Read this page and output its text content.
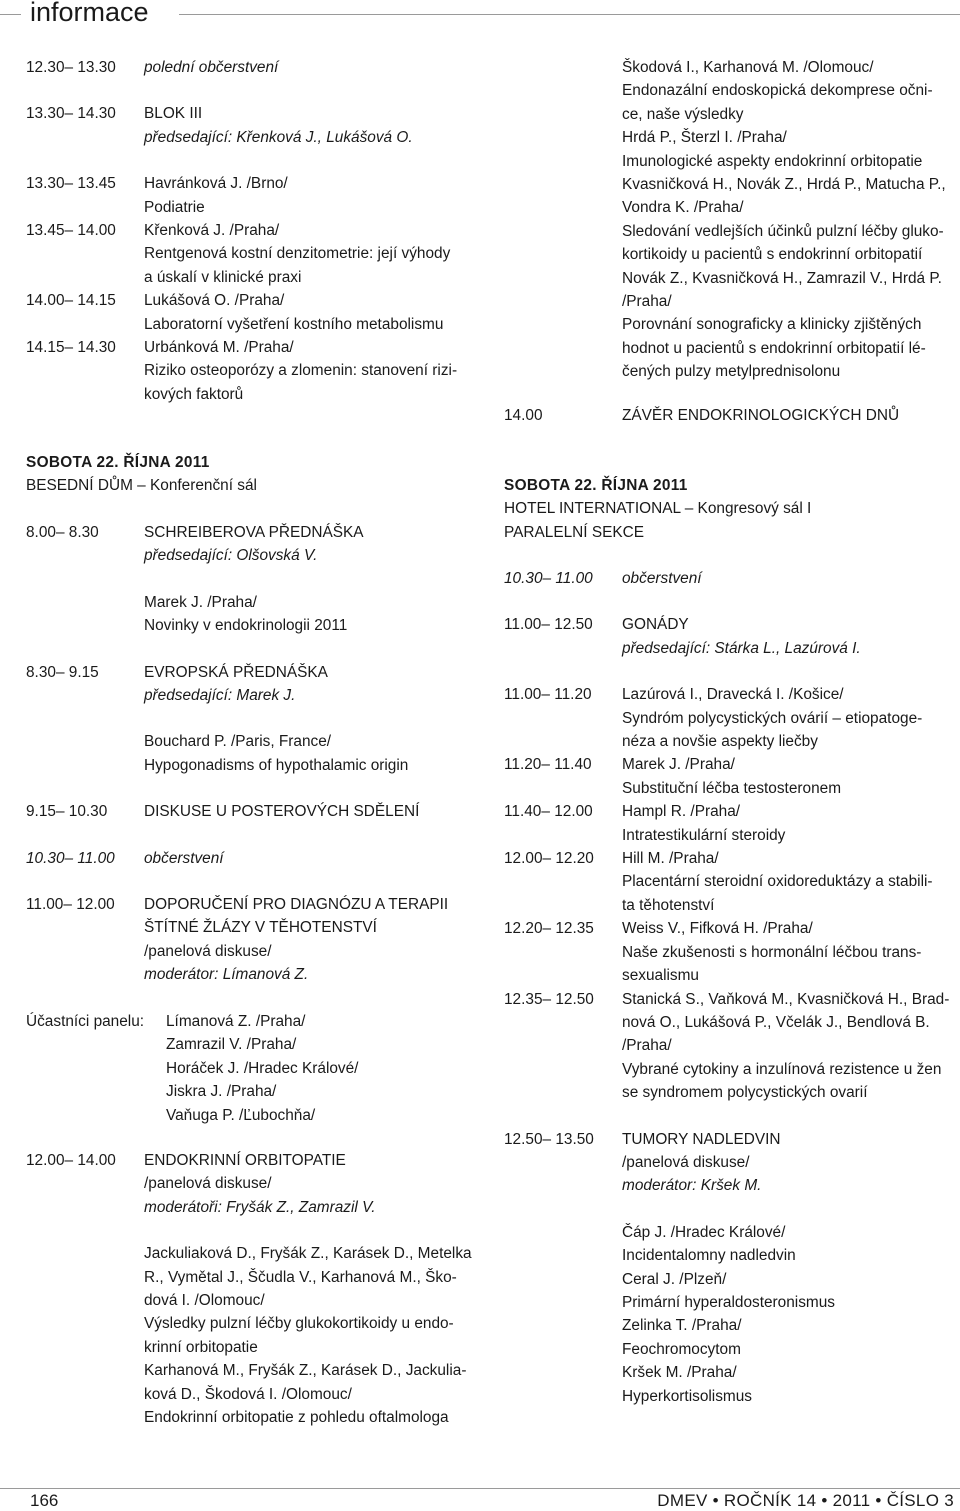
informace
12.30– 13.30	polední občerstvení
13.30– 14.30	BLOK III
předsedající: Křenková J., Lukášová O.
13.30– 13.45	Havránková J. /Brno/
Podiatrie
13.45– 14.00	Křenková J. /Praha/
Rentgenová kostní denzitometrie: její výhody
a úskalí v klinické praxi
14.00– 14.15	Lukášová O. /Praha/
Laboratorní vyšetření kostního metabolismu
14.15– 14.30	Urbánková M. /Praha/
Riziko osteoporózy a zlomenin: stanovení rizi-
kových faktorů
Škodová I., Karhanová M. /Olomouc/
Endonazální endoskopická dekomprese očni-
ce, naše výsledky
Hrdá P., Šterzl I. /Praha/
Imunologické aspekty endokrinní orbitopatie
Kvasničková H., Novák Z., Hrdá P., Matucha P.,
Vondra K. /Praha/
Sledování vedlejších účinků pulzní léčby gluko-
kortikoidy u pacientů s endokrinní orbitopatií
Novák Z., Kvasničková H., Zamrazil V., Hrdá P.
/Praha/
Porovnání sonograficky a klinicky zjištěných
hodnot u pacientů s endokrinní orbitopatií lé-
čených pulzy metylprednisolonu
14.00	ZÁVĚR ENDOKRINOLOGICKÝCH DNŮ
SOBOTA 22. ŘÍJNA 2011
BESEDNÍ DŮM – Konferenční sál
8.00– 8.30	SCHREIBEROVA PŘEDNÁŠKA
předsedající: Olšovská V.
Marek J. /Praha/
Novinky v endokrinologii 2011
8.30– 9.15	EVROPSKÁ PŘEDNÁŠKA
předsedající: Marek J.
Bouchard P. /Paris, France/
Hypogonadisms of hypothalamic origin
9.15– 10.30	DISKUSE U POSTEROVÝCH SDĚLENÍ
10.30– 11.00	občerstvení
11.00– 12.00	DOPORUČENÍ PRO DIAGNÓZU A TERAPII
ŠTÍTNÉ ŽLÁZY V TĚHOTENSTVÍ
/panelová diskuse/
moderátor: Límanová Z.
Účastníci panelu:	Límanová Z. /Praha/
Zamrazil V. /Praha/
Horáček J. /Hradec Králové/
Jiskra J. /Praha/
Vaňuga P. /Ľubochňa/
12.00– 14.00	ENDOKRINNÍ ORBITOPATIE
/panelová diskuse/
moderátoři: Fryšák Z., Zamrazil V.
Jackuliaková D., Fryšák Z., Karásek D., Metelka
R., Vymětal J., Ščudla V., Karhanová M., Ško-
dová I. /Olomouc/
Výsledky pulzní léčby glukokortikoidy u endo-
krinní orbitopatie
Karhanová M., Fryšák Z., Karásek D., Jackulia-
ková D., Škodová I. /Olomouc/
Endokrinní orbitopatie z pohledu oftalmologa
SOBOTA 22. ŘÍJNA 2011
HOTEL INTERNATIONAL – Kongresový sál I
PARALELNÍ SEKCE
10.30– 11.00	občerstvení
11.00– 12.50	GONÁDY
předsedající: Stárka L., Lazúrová I.
11.00– 11.20	Lazúrová I., Dravecká I. /Košice/
Syndróm polycystických ovárií – etiopatoge-
néza a novšie aspekty liečby
11.20– 11.40	Marek J. /Praha/
Substituční léčba testosteronem
11.40– 12.00	Hampl R. /Praha/
Intratestikulární steroidy
12.00– 12.20	Hill M. /Praha/
Placentární steroidní oxidoreduktázy a stabili-
ta těhotenství
12.20– 12.35	Weiss V., Fifková H. /Praha/
Naše zkušenosti s hormonální léčbou trans-
sexualismu
12.35– 12.50	Stanická S., Vaňková M., Kvasničková H., Brad-
nová O., Lukášová P., Včelák J., Bendlová B.
/Praha/
Vybrané cytokiny a inzulínová rezistence u žen
se syndromem polycystických ovarií
12.50– 13.50	TUMORY NADLEDVIN
/panelová diskuse/
moderátor: Kršek M.
Čáp J. /Hradec Králové/
Incidentalomny nadledvin
Ceral J. /Plzeň/
Primární hyperaldosteronismus
Zelinka T. /Praha/
Feochromocytom
Kršek M. /Praha/
Hyperkortisolismus
166	DMEV • ROČNÍK 14 • 2011 • ČÍSLO 3
